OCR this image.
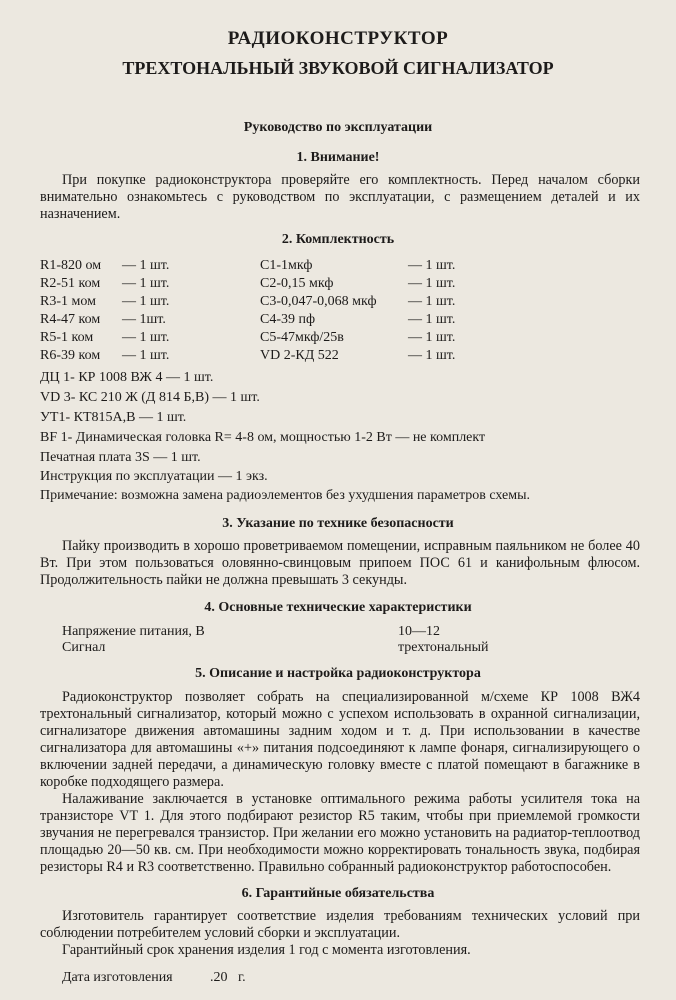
РАДИОКОНСТРУКТОР
ТРЕХТОНАЛЬНЫЙ ЗВУКОВОЙ СИГНАЛИЗАТОР
Руководство по эксплуатации
1. Внимание!
При покупке радиоконструктора проверяйте его комплектность. Перед началом сборки внимательно ознакомьтесь с руководством по эксплуатации, с размещением деталей и их назначением.
2. Комплектность
R1-820 ом — 1 шт.	C1-1мкф	— 1 шт.
R2-51 ком — 1 шт.	C2-0,15 мкф	— 1 шт.
R3-1 мом — 1 шт.	C3-0,047-0,068 мкф — 1 шт.
R4-47 ком — 1шт.	C4-39 пф	— 1 шт.
R5-1 ком — 1 шт.	C5-47мкф/25в	— 1 шт.
R6-39 ком — 1 шт.	VD 2-КД 522	— 1 шт.
ДЦ 1- КР 1008 ВЖ 4 — 1 шт.
VD 3- КС 210 Ж (Д 814 Б,В) — 1 шт.
УТ1- КТ815А,В — 1 шт.
BF 1- Динамическая головка R= 4-8 ом, мощностью 1-2 Вт — не комплект
Печатная плата 3S — 1 шт.
Инструкция по эксплуатации — 1 экз.
Примечание: возможна замена радиоэлементов без ухудшения параметров схемы.
3. Указание по технике безопасности
Пайку производить в хорошо проветриваемом помещении, исправным паяльником не более 40 Вт. При этом пользоваться оловянно-свинцовым припоем ПОС 61 и канифольным флюсом. Продолжительность пайки не должна превышать 3 секунды.
4. Основные технические характеристики
Напряжение питания, В	10—12
Сигнал	трехтональный
5. Описание и настройка радиоконструктора
Радиоконструктор позволяет собрать на специализированной м/схеме КР 1008 ВЖ4 трехтональный сигнализатор, который можно с успехом использовать в охранной сигнализации, сигнализаторе движения автомашины задним ходом и т. д. При использовании в качестве сигнализатора для автомашины «+» питания подсоединяют к лампе фонаря, сигнализирующего о включении задней передачи, а динамическую головку вместе с платой помещают в багажнике в коробке подходящего размера.
Налаживание заключается в установке оптимального режима работы усилителя тока на транзисторе VT 1. Для этого подбирают резистор R5 таким, чтобы при приемлемой громкости звучания не перегревался транзистор. При желании его можно установить на радиатор-теплоотвод площадью 20—50 кв. см. При необходимости можно корректировать тональность звука, подбирая резисторы R4 и R3 соответственно. Правильно собранный радиоконструктор работоспособен.
6. Гарантийные обязательства
Изготовитель гарантирует соответствие изделия требованиям технических условий при соблюдении потребителем условий сборки и эксплуатации.
Гарантийный срок хранения изделия 1 год с момента изготовления.
Дата изготовления	.20   г.
